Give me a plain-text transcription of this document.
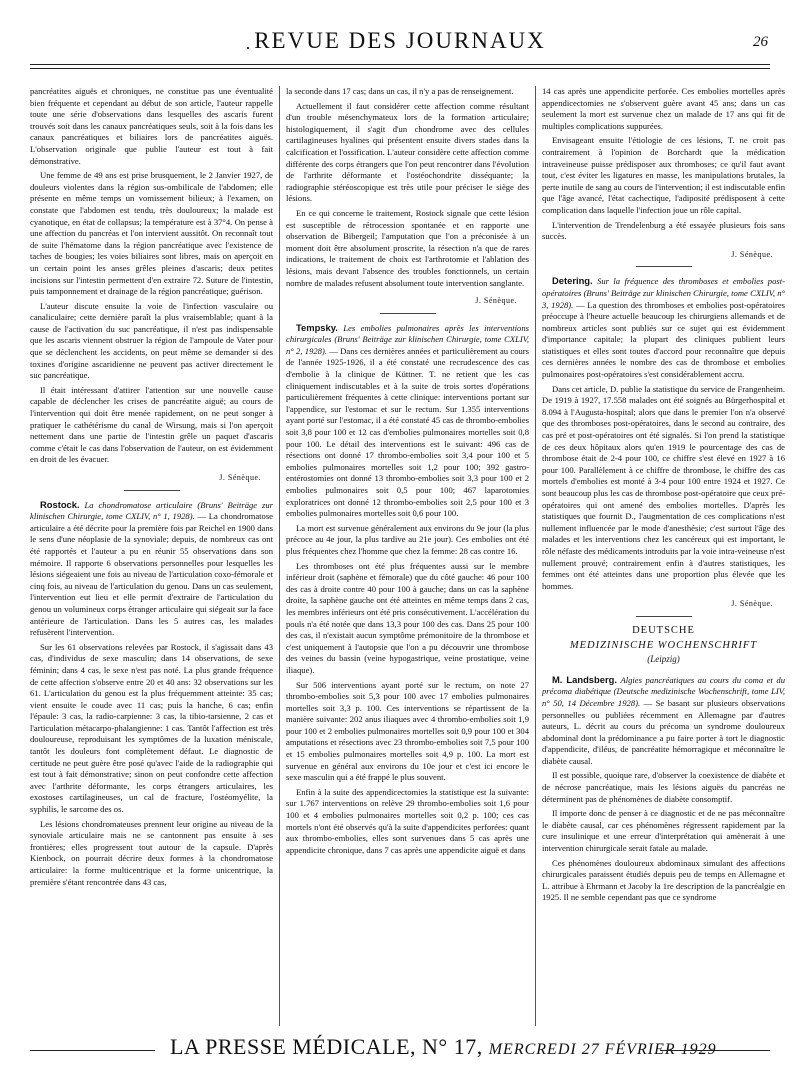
· REVUE DES JOURNAUX	26

pancréatites aiguës et chroniques, ne constitue pas une éventualité bien fréquente et cependant au début de son article, l'auteur rappelle toute une série d'observations dans lesquelles des ascaris furent trouvés soit dans les canaux pancréatiques seuls, soit à la fois dans les canaux pancréatiques et biliaires lors de pancréatites aiguës. L'observation originale que publie l'auteur est tout à fait démonstrative.

Une femme de 49 ans est prise brusquement, le 2 Janvier 1927, de douleurs violentes dans la région sus-ombilicale de l'abdomen; elle présente en même temps un vomissement bilieux; à l'examen, on constate que l'abdomen est tendu, très douloureux; la malade est cyanotique, en état de collapsus; la température est à 37°4. On pense à une affection du pancréas et l'on intervient aussitôt. On reconnaît tout de suite l'hématome dans la région pancréatique avec l'existence de taches de bougies; les voies biliaires sont libres, mais on aperçoit en un certain point les anses grêles pleines d'ascaris; deux petites incisions sur l'intestin permettent d'en extraire 72. Suture de l'intestin, puis tamponnement et drainage de la région pancréatique; guérison.

L'auteur discute ensuite la voie de l'infection vasculaire ou canaliculaire; cette dernière paraît la plus vraisemblable; quant à la cause de l'activation du suc pancréatique, il n'est pas indispensable que les ascaris viennent obstruer la région de l'ampoule de Vater pour que se déclenchent les accidents, on peut même se demander si des toxines d'origine ascaridienne ne peuvent pas activer directement le suc pancréatique.

Il était intéressant d'attirer l'attention sur une nouvelle cause capable de déclencher les crises de pancréatite aiguë; au cours de l'intervention qui doit être menée rapidement, on ne peut songer à pratiquer le cathétérisme du canal de Wirsung, mais si l'on aperçoit nettement dans une partie de l'intestin grêle un paquet d'ascaris comme c'était le cas dans l'observation de l'auteur, on est évidemment en droit de les évacuer.

J. Sénèque.

Rostock. La chondromatose articulaire (Bruns' Beiträge zur klinischen Chirurgie, tome CXLIV, n° 1, 1928). — La chondromatose articulaire a été décrite pour la première fois par Reichel en 1900 dans le sens d'une néoplasie de la synoviale; depuis, de nombreux cas ont été rapportés et l'auteur a pu en réunir 55 observations dans son mémoire. Il rapporte 6 observations personnelles pour lesquelles les lésions siégeaient une fois au niveau de l'articulation coxo-fémorale et cinq fois, au niveau de l'articulation du genou. Dans un cas seulement, l'intervention eut lieu et elle permit d'extraire de l'articulation du genou un volumineux corps étranger articulaire qui siégeait sur la face antérieure de l'articulation. Dans les 5 autres cas, les malades refusèrent l'intervention.

Sur les 61 observations relevées par Rostock, il s'agissait dans 43 cas, d'individus de sexe masculin; dans 14 observations, de sexe féminin; dans 4 cas, le sexe n'est pas noté. La plus grande fréquence de cette affection s'observe entre 20 et 40 ans: 32 observations sur les 61. L'articulation du genou est la plus fréquemment atteinte: 35 cas; vient ensuite le coude avec 11 cas; puis la hanche, 6 cas; enfin l'épaule: 3 cas, la radio-carpienne: 3 cas, la tibio-tarsienne, 2 cas et l'articulation métacarpo-phalangienne: 1 cas. Tantôt l'affection est très douloureuse, reproduisant les symptômes de la luxation méniscale, tantôt les douleurs font complètement défaut. Le diagnostic de certitude ne peut guère être posé qu'avec l'aide de la radiographie qui est tout à fait démonstrative; sinon on peut confondre cette affection avec l'arthrite déformante, les corps étrangers articulaires, les exostoses cartilagineuses, un cal de fracture, l'ostéomyélite, la syphilis, le sarcome des os.

Les lésions chondromateuses prennent leur origine au niveau de la synoviale articulaire mais ne se cantonnent pas ensuite à ses frontières; elles progressent tout autour de la capsule. D'après Kienbock, on pourrait décrire deux formes à la chondromatose articulaire: la forme multicentrique et la forme unicentrique, la première s'étant rencontrée dans 43 cas,

la seconde dans 17 cas; dans un cas, il n'y a pas de renseignement.

Actuellement il faut considérer cette affection comme résultant d'un trouble mésenchymateux lors de la formation articulaire; histologiquement, il s'agit d'un chondrome avec des cellules cartilagineuses hyalines qui présentent ensuite divers stades dans la calcification et l'ossification. L'auteur considère cette affection comme différente des corps étrangers que l'on peut rencontrer dans l'évolution de l'arthrite déformante et l'ostéochondrite disséquante; la radiographie stéréoscopique est très utile pour préciser le siège des lésions.

En ce qui concerne le traitement, Rostock signale que cette lésion est susceptible de rétrocession spontanée et en rapporte une observation de Bibergeil; l'amputation que l'on a préconisée à un moment doit être absolument proscrite, la résection n'a que de rares indications, le traitement de choix est l'arthrotomie et l'ablation des lésions, mais devant l'absence des troubles fonctionnels, un certain nombre de malades refusent absolument toute intervention sanglante.

J. Sénèque.

Tempsky. Les embolies pulmonaires après les interventions chirurgicales (Bruns' Beiträge zur klinischen Chirurgie, tome CXLIV, n° 2, 1928). — Dans ces dernières années et particulièrement au cours de l'année 1925-1926, il a été constaté une recrudescence des cas d'embolie à la clinique de Küttner. T. ne retient que les cas cliniquement indiscutables et à la suite de trois sortes d'opérations particulièrement fréquentes à cette clinique: interventions portant sur l'appendice, sur l'estomac et sur le rectum. Sur 1.355 interventions ayant porté sur l'estomac, il a été constaté 45 cas de thrombo-embolies soit 3,8 pour 100 et 12 cas d'embolies pulmonaires mortelles soit 0,8 pour 100. Le détail des interventions est le suivant: 496 cas de résections ont donné 17 thrombo-embolies soit 3,4 pour 100 et 5 embolies pulmonaires mortelles soit 1,2 pour 100; 392 gastro-entérostomies ont donné 13 thrombo-embolies soit 3,3 pour 100 et 2 embolies pulmonaires soit 0,5 pour 100; 467 laparotomies exploratrices ont donné 12 thrombo-embolies soit 2,5 pour 100 et 3 embolies pulmonaires mortelles soit 0,6 pour 100.

La mort est survenue généralement aux environs du 9e jour (la plus précoce au 4e jour, la plus tardive au 21e jour). Ces embolies ont été plus fréquentes chez l'homme que chez la femme: 28 cas contre 16.

Les thromboses ont été plus fréquentes aussi sur le membre inférieur droit (saphène et fémorale) que du côté gauche: 46 pour 100 des cas à droite contre 40 pour 100 à gauche; dans un cas la saphène droite, la saphène gauche ont été atteintes en même temps dans 2 cas, les membres inférieurs ont été pris consécutivement. L'accélération du pouls n'a été notée que dans 13,3 pour 100 des cas. Dans 25 pour 100 des cas, il n'existait aucun symptôme prémonitoire de la thrombose et c'est uniquement à l'autopsie que l'on a pu découvrir une thrombose des veines du bassin (veine hypogastrique, veine prostatique, veine iliaque).

Sur 506 interventions ayant porté sur le rectum, on note 27 thrombo-embolies soit 5,3 pour 100 avec 17 embolies pulmonaires mortelles soit 3,3 p. 100. Ces interventions se répartissent de la manière suivante: 202 anus iliaques avec 4 thrombo-embolies soit 1,9 pour 100 et 2 embolies pulmonaires mortelles soit 0,9 pour 100 et 304 amputations et résections avec 23 thrombo-embolies soit 7,5 pour 100 et 15 embolies pulmonaires mortelles soit 4,9 p. 100. La mort est survenue en général aux environs du 10e jour et c'est ici encore le sexe masculin qui a été frappé le plus souvent.

Enfin à la suite des appendicectomies la statistique est la suivante: sur 1.767 interventions on relève 29 thrombo-embolies soit 1,6 pour 100 et 4 embolies pulmonaires mortelles soit 0,2 p. 100; ces cas mortels n'ont été observés qu'à la suite d'appendicites perforées: quant aux thrombo-embolies, elles sont survenues dans 5 cas après une appendicite chronique, dans 7 cas après une appendicite aiguë et dans

14 cas après une appendicite perforée. Ces embolies mortelles après appendicectomies ne s'observent guère avant 45 ans; dans un cas seulement la mort est survenue chez un malade de 17 ans qui fit de multiples complications suppurées.

Envisageant ensuite l'étiologie de ces lésions, T. ne croit pas contrairement à l'opinion de Borchardt que la médication intraveineuse puisse prédisposer aux thromboses; ce qu'il faut avant tout, c'est éviter les ligatures en masse, les manipulations brutales, la perte inutile de sang au cours de l'intervention; il est indiscutable enfin que l'âge avancé, l'état cachectique, l'adiposité prédisposent à cette complication dans laquelle l'infection joue un rôle capital.

L'intervention de Trendelenburg a été essayée plusieurs fois sans succès.

J. Sénèque.

Detering. Sur la fréquence des thromboses et embolies post-opératoires (Bruns' Beiträge zur klinischen Chirurgie, tome CXLIV, n° 3, 1928). — La question des thromboses et embolies post-opératoires préoccupe à l'heure actuelle beaucoup les chirurgiens allemands et de nombreux articles sont publiés sur ce sujet qui est évidemment d'importance capitale; la plupart des cliniques publient leurs statistiques et elles sont toutes d'accord pour reconnaître que depuis ces dernières années le nombre des cas de thrombose et embolies pulmonaires post-opératoires s'est considérablement accru.

Dans cet article, D. publie la statistique du service de Frangenheim. De 1919 à 1927, 17.558 malades ont été soignés au Bürgerhospital et 8.094 à l'Augusta-hospital; alors que dans le premier l'on n'a observé que des thromboses post-opératoires, dans le second au contraire, des cas pré et post-opératoires ont été signalés. Si l'on prend la statistique de ces deux hôpitaux alors qu'en 1919 le pourcentage des cas de thrombose était de 2-4 pour 100, ce chiffre s'est élevé en 1927 à 16 pour 100. Parallèlement à ce chiffre de thrombose, le chiffre des cas mortels d'embolies est monté à 3-4 pour 100 entre 1924 et 1927. Ce sont beaucoup plus les cas de thrombose post-opératoire que ceux pré-opératoires qui ont amené des embolies mortelles. D'après les statistiques que fournit D., l'augmentation de ces complications n'est nullement influencée par le mode d'anesthésie; c'est surtout l'âge des malades et les interventions chez les cancéreux qui est important, le rôle néfaste des médicaments introduits par la voie intra-veineuse n'est nullement prouvé; contrairement enfin à d'autres statistiques, les femmes ont été atteintes dans une proportion plus élevée que les hommes.

J. Sénèque.
DEUTSCHE
MEDIZINISCHE WOCHENSCHRIFT
(Leipzig)

M. Landsberg. Algies pancréatiques au cours du coma et du précoma diabétique (Deutsche medizinische Wochenschrift, tome LIV, n° 50, 14 Décembre 1928). — Se basant sur plusieurs observations personnelles ou publiées récemment en Allemagne par d'autres auteurs, L. décrit au cours du précoma un syndrome douloureux abdominal dont la prédominance a pu faire porter à tort le diagnostic d'appendicite, d'iléus, de pancréatite hémorragique et méconnaître le diabète causal.

Il est possible, quoique rare, d'observer la coexistence de diabète et de nécrose pancréatique, mais les lésions aiguës du pancréas ne déterminent pas de phénomènes de diabète consomptif.

Il importe donc de penser à ce diagnostic et de ne pas méconnaître le diabète causal, car ces phénomènes régressent rapidement par la cure insulinique et une erreur d'interprétation qui amènerait à une intervention chirurgicale serait fatale au malade.

Ces phénomènes douloureux abdominaux simulant des affections chirurgicales paraissent étudiés depuis peu de temps en Allemagne et L. attribue à Ehrmann et Jacoby la 1re description de la pancréalgie en 1925. Il ne semble cependant pas que ce syndrome

LA PRESSE MÉDICALE, N° 17, MERCREDI 27 FÉVRIER 1929
